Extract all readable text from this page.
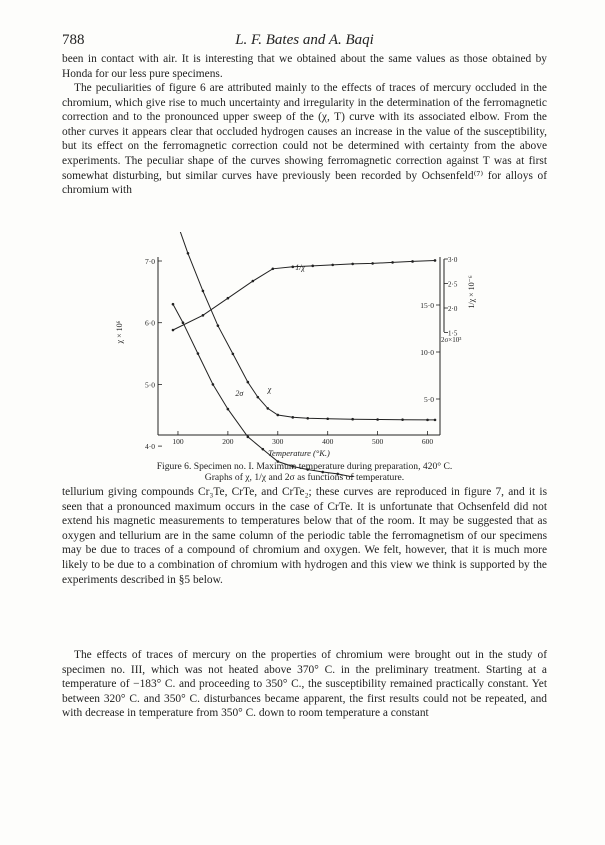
788	L. F. Bates and A. Baqi

been in contact with air. It is interesting that we obtained about the same values as those obtained by Honda for our less pure specimens.

The peculiarities of figure 6 are attributed mainly to the effects of traces of mercury occluded in the chromium, which give rise to much uncertainty and irregularity in the determination of the ferromagnetic correction and to the pronounced upper sweep of the (χ, T) curve with its associated elbow. From the other curves it appears clear that occluded hydrogen causes an increase in the value of the susceptibility, but its effect on the ferromagnetic correction could not be determined with certainty from the above experiments. The peculiar shape of the curves showing ferromagnetic correction against T was at first somewhat disturbing, but similar curves have previously been recorded by Ochsenfeld⁽⁷⁾ for alloys of chromium with

100	200	300	400	500	600
Temperature (°K.)
7·0
6·0
5·0
4·0
χ × 10⁶
15·0
10·0
5·0
3·0
2·5
2·0
1·5
2σ×10³
1/χ × 10⁻⁶
1/χ
2σ	χ
Figure 6. Specimen no. I. Maximum temperature during preparation, 420° C.
Graphs of χ, 1/χ and 2σ as functions of temperature.

tellurium giving compounds Cr₃Te, CrTe, and CrTe₂; these curves are reproduced in figure 7, and it is seen that a pronounced maximum occurs in the case of CrTe. It is unfortunate that Ochsenfeld did not extend his magnetic measurements to temperatures below that of the room. It may be suggested that as oxygen and tellurium are in the same column of the periodic table the ferromagnetism of our specimens may be due to traces of a compound of chromium and oxygen. We felt, however, that it is much more likely to be due to a combination of chromium with hydrogen and this view we think is supported by the experiments described in §5 below.

The effects of traces of mercury on the properties of chromium were brought out in the study of specimen no. III, which was not heated above 370° C. in the preliminary treatment. Starting at a temperature of −183° C. and proceeding to 350° C., the susceptibility remained practically constant. Yet between 320° C. and 350° C. disturbances became apparent, the first results could not be repeated, and with decrease in temperature from 350° C. down to room temperature a constant
